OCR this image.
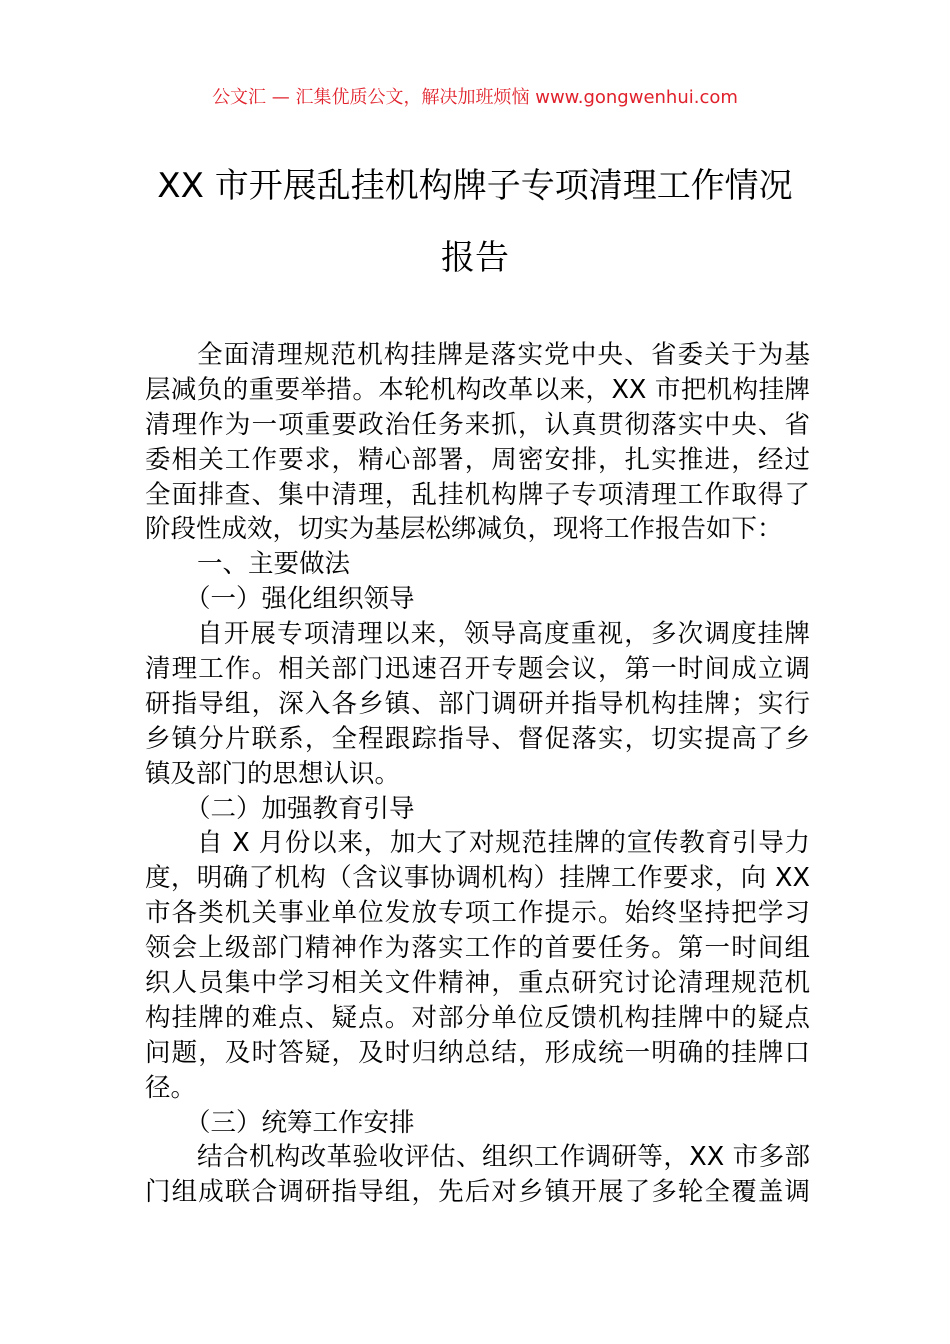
公文汇 — 汇集优质公文，解决加班烦恼 www.gongwenhui.com
XX 市开展乱挂机构牌子专项清理工作情况
报告
全面清理规范机构挂牌是落实党中央、省委关于为基
层减负的重要举措。本轮机构改革以来，XX 市把机构挂牌
清理作为一项重要政治任务来抓，认真贯彻落实中央、省
委相关工作要求，精心部署，周密安排，扎实推进，经过
全面排查、集中清理，乱挂机构牌子专项清理工作取得了
阶段性成效，切实为基层松绑减负，现将工作报告如下：
一、主要做法
（一）强化组织领导
自开展专项清理以来，领导高度重视，多次调度挂牌
清理工作。相关部门迅速召开专题会议，第一时间成立调
研指导组，深入各乡镇、部门调研并指导机构挂牌；实行
乡镇分片联系，全程跟踪指导、督促落实，切实提高了乡
镇及部门的思想认识。
（二）加强教育引导
自 X 月份以来，加大了对规范挂牌的宣传教育引导力
度，明确了机构（含议事协调机构）挂牌工作要求，向 XX
市各类机关事业单位发放专项工作提示。始终坚持把学习
领会上级部门精神作为落实工作的首要任务。第一时间组
织人员集中学习相关文件精神，重点研究讨论清理规范机
构挂牌的难点、疑点。对部分单位反馈机构挂牌中的疑点
问题，及时答疑，及时归纳总结，形成统一明确的挂牌口
径。
（三）统筹工作安排
结合机构改革验收评估、组织工作调研等，XX 市多部
门组成联合调研指导组，先后对乡镇开展了多轮全覆盖调
